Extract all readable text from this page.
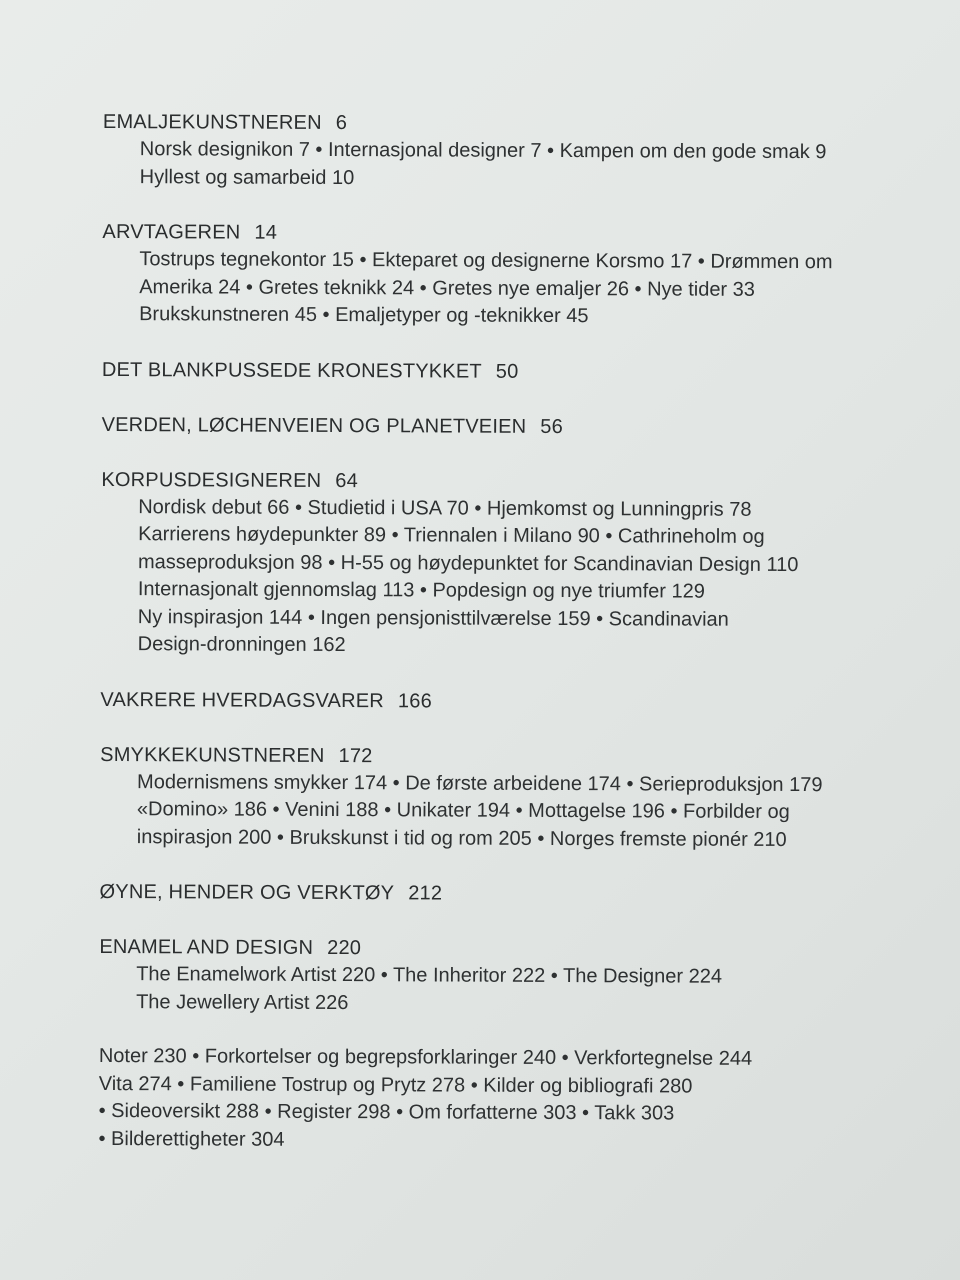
EMALJEKUNSTNEREN 6
Norsk designikon 7 • Internasjonal designer 7 • Kampen om den gode smak 9
Hyllest og samarbeid 10
ARVTAGEREN 14
Tostrups tegnekontor 15 • Ekteparet og designerne Korsmo 17 • Drømmen om
Amerika 24 • Gretes teknikk 24 • Gretes nye emaljer 26 • Nye tider 33
Brukskunstneren 45 • Emaljetyper og -teknikker 45
DET BLANKPUSSEDE KRONESTYKKET 50
VERDEN, LØCHENVEIEN OG PLANETVEIEN 56
KORPUSDESIGNEREN 64
Nordisk debut 66 • Studietid i USA 70 • Hjemkomst og Lunningpris 78
Karrierens høydepunkter 89 • Triennalen i Milano 90 • Cathrineholm og
masseproduksjon 98 • H-55 og høydepunktet for Scandinavian Design 110
Internasjonalt gjennomslag 113 • Popdesign og nye triumfer 129
Ny inspirasjon 144 • Ingen pensjonisttilværelse 159 • Scandinavian
Design-dronningen 162
VAKRERE HVERDAGSVARER 166
SMYKKEKUNSTNEREN 172
Modernismens smykker 174 • De første arbeidene 174 • Serieproduksjon 179
«Domino» 186 • Venini 188 • Unikater 194 • Mottagelse 196 • Forbilder og
inspirasjon 200 • Brukskunst i tid og rom 205 • Norges fremste pionér 210
ØYNE, HENDER OG VERKTØY 212
ENAMEL AND DESIGN 220
The Enamelwork Artist 220 • The Inheritor 222 • The Designer 224
The Jewellery Artist 226
Noter 230 • Forkortelser og begrepsforklaringer 240 • Verkfortegnelse 244
Vita 274 • Familiene Tostrup og Prytz 278 • Kilder og bibliografi 280
• Sideoversikt 288 • Register 298 • Om forfatterne 303 • Takk 303
• Bilderettigheter 304
